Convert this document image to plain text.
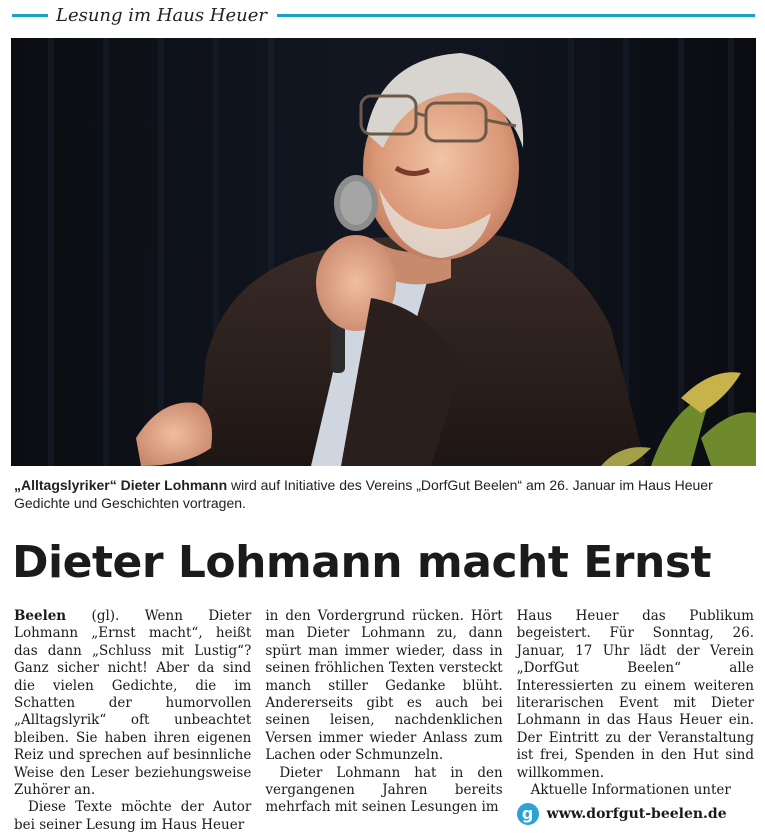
Lesung im Haus Heuer
„Alltagslyriker“ Dieter Lohmann wird auf Initiative des Vereins „DorfGut Beelen“ am 26. Januar im Haus Heuer Gedichte und Geschichten vortragen.
Dieter Lohmann macht Ernst

Beelen (gl). Wenn Dieter Lohmann „Ernst macht“, heißt das dann „Schluss mit Lustig“? Ganz sicher nicht! Aber da sind die vielen Gedichte, die im Schatten der humorvollen „Alltagslyrik“ oft unbeachtet bleiben. Sie haben ihren eigenen Reiz und sprechen auf besinnliche Weise den Leser beziehungsweise Zuhörer an.

Diese Texte möchte der Autor bei seiner Lesung im Haus Heuer

in den Vordergrund rücken. Hört man Dieter Lohmann zu, dann spürt man immer wieder, dass in seinen fröhlichen Texten versteckt manch stiller Gedanke blüht. Andererseits gibt es auch bei seinen leisen, nachdenklichen Versen immer wieder Anlass zum Lachen oder Schmunzeln.

Dieter Lohmann hat in den vergangenen Jahren bereits mehrfach mit seinen Lesungen im

Haus Heuer das Publikum begeistert. Für Sonntag, 26. Januar, 17 Uhr lädt der Verein „DorfGut Beelen“ alle Interessierten zu einem weiteren literarischen Event mit Dieter Lohmann in das Haus Heuer ein. Der Eintritt zu der Veranstaltung ist frei, Spenden in den Hut sind willkommen.

Aktuelle Informationen unter

g www.dorfgut-beelen.de
